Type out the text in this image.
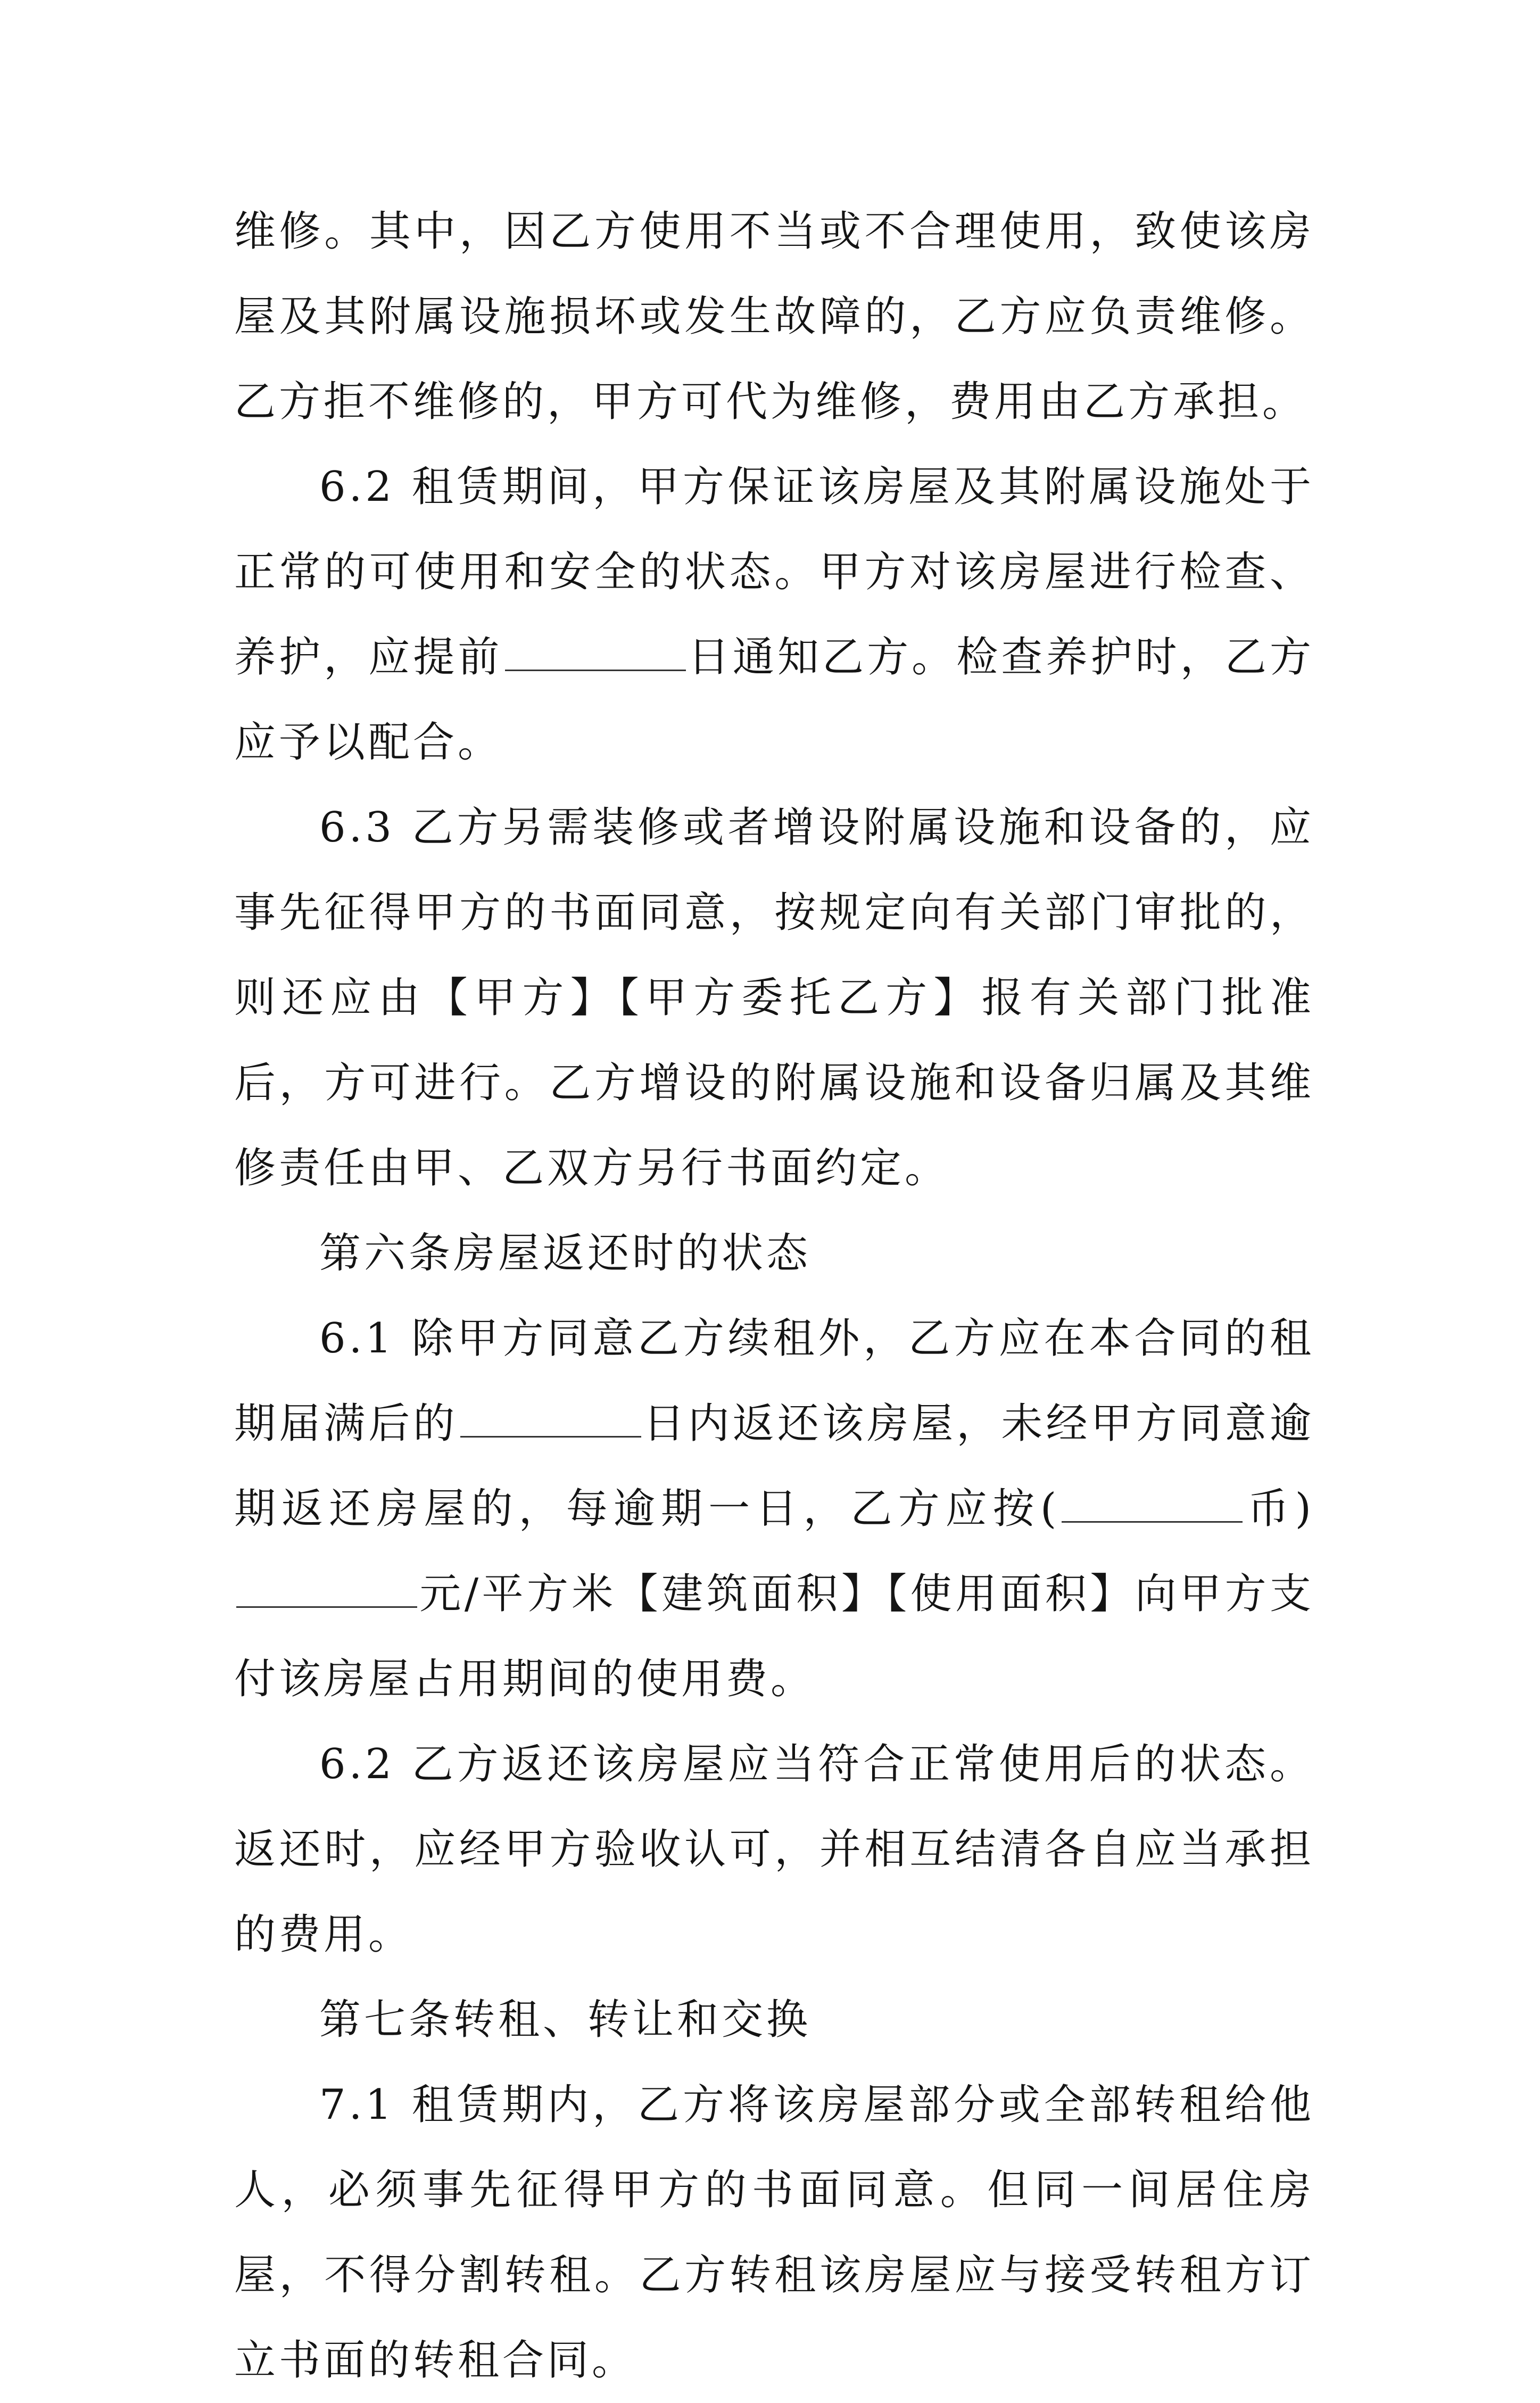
维修。其中，因乙方使用不当或不合理使用，致使该房屋及其附属设施损坏或发生故障的，乙方应负责维修。乙方拒不维修的，甲方可代为维修，费用由乙方承担。

6.2 租赁期间，甲方保证该房屋及其附属设施处于正常的可使用和安全的状态。甲方对该房屋进行检查、养护，应提前	日通知乙方。检查养护时，乙方应予以配合。

6.3 乙方另需装修或者增设附属设施和设备的，应事先征得甲方的书面同意，按规定向有关部门审批的，则还应由【甲方】【甲方委托乙方】报有关部门批准后，方可进行。乙方增设的附属设施和设备归属及其维修责任由甲、乙双方另行书面约定。

第六条房屋返还时的状态

6.1 除甲方同意乙方续租外，乙方应在本合同的租期届满后的	日内返还该房屋，未经甲方同意逾期返还房屋的，每逾期一日，乙方应按(	币)元/平方米【建筑面积】【使用面积】向甲方支付该房屋占用期间的使用费。

6.2 乙方返还该房屋应当符合正常使用后的状态。返还时，应经甲方验收认可，并相互结清各自应当承担的费用。

第七条转租、转让和交换

7.1 租赁期内，乙方将该房屋部分或全部转租给他人，必须事先征得甲方的书面同意。但同一间居住房屋，不得分割转租。乙方转租该房屋应与接受转租方订立书面的转租合同。
